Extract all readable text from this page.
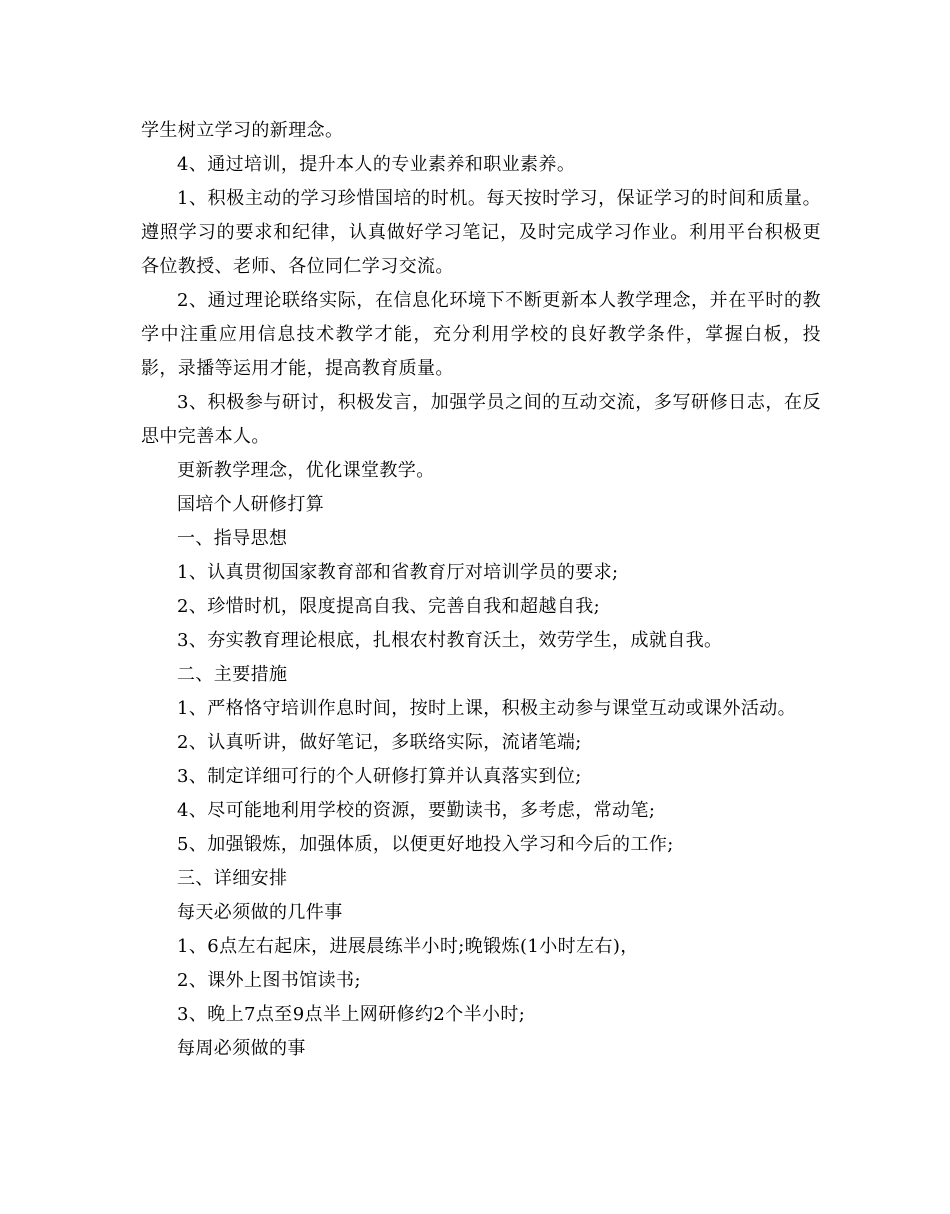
学生树立学习的新理念。

4、通过培训，提升本人的专业素养和职业素养。

1、积极主动的学习珍惜国培的时机。每天按时学习，保证学习的时间和质量。遵照学习的要求和纪律，认真做好学习笔记，及时完成学习作业。利用平台积极更各位教授、老师、各位同仁学习交流。

2、通过理论联络实际，在信息化环境下不断更新本人教学理念，并在平时的教学中注重应用信息技术教学才能，充分利用学校的良好教学条件，掌握白板，投影，录播等运用才能，提高教育质量。

3、积极参与研讨，积极发言，加强学员之间的互动交流，多写研修日志，在反思中完善本人。

更新教学理念，优化课堂教学。

国培个人研修打算

一、指导思想

1、认真贯彻国家教育部和省教育厅对培训学员的要求;

2、珍惜时机，限度提高自我、完善自我和超越自我;

3、夯实教育理论根底，扎根农村教育沃土，效劳学生，成就自我。

二、主要措施

1、严格恪守培训作息时间，按时上课，积极主动参与课堂互动或课外活动。

2、认真听讲，做好笔记，多联络实际，流诸笔端;

3、制定详细可行的个人研修打算并认真落实到位;

4、尽可能地利用学校的资源，要勤读书，多考虑，常动笔;

5、加强锻炼，加强体质，以便更好地投入学习和今后的工作;

三、详细安排

每天必须做的几件事

1、6点左右起床，进展晨练半小时;晚锻炼(1小时左右)，

2、课外上图书馆读书;

3、晚上7点至9点半上网研修约2个半小时;

每周必须做的事
